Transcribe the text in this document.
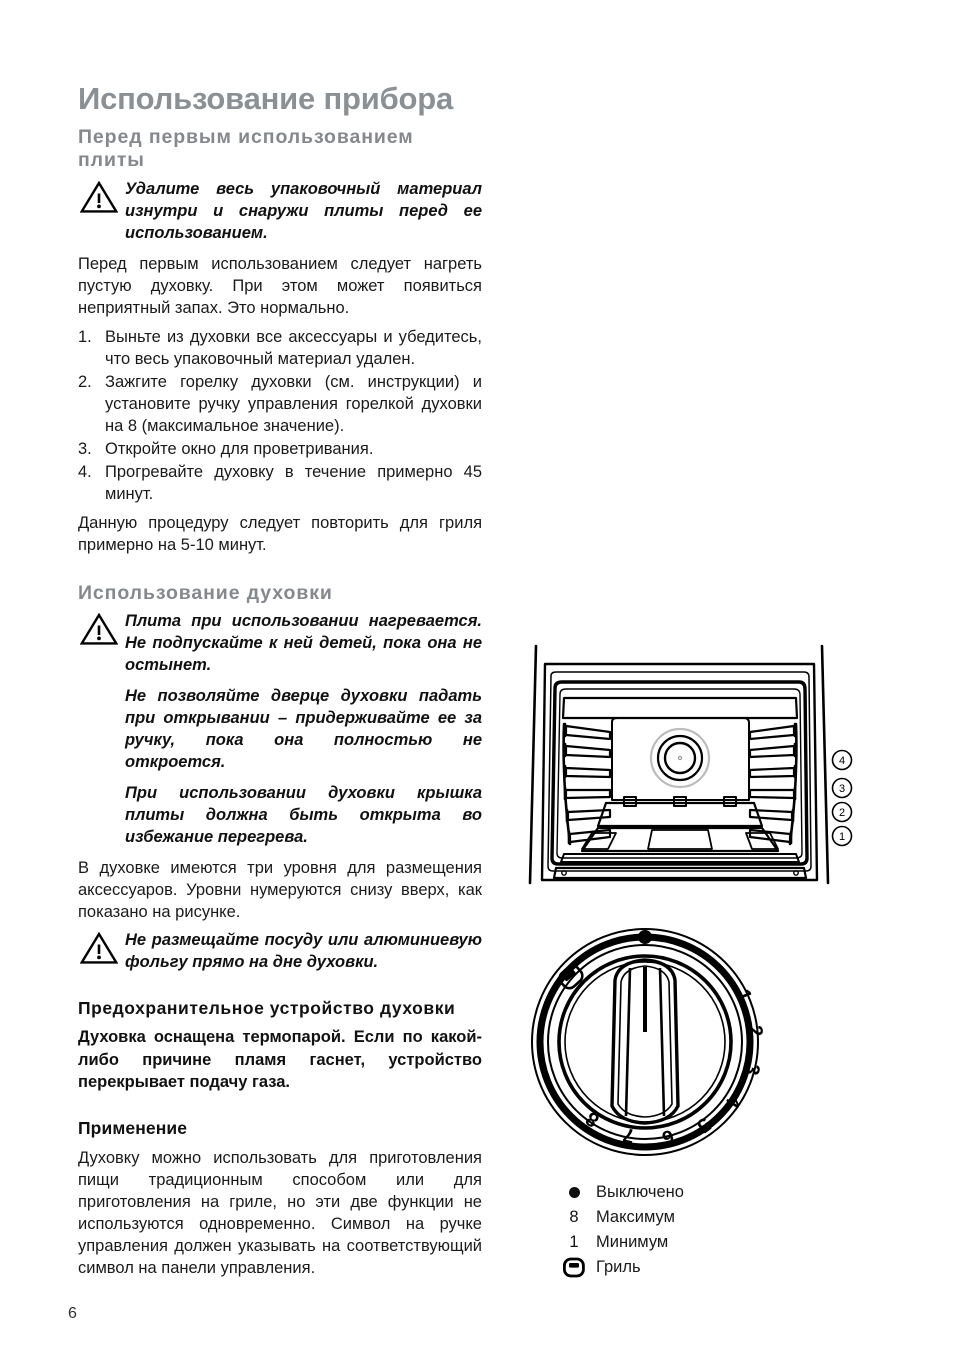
Использование прибора
Перед первым использованием плиты

Удалите весь упаковочный материал изнутри и снаружи плиты перед ее использованием.

Перед первым использованием следует нагреть пустую духовку. При этом может появиться неприятный запах. Это нормально.

1. Выньте из духовки все аксессуары и убедитесь, что весь упаковочный материал удален.
2. Зажгите горелку духовки (см. инструкции) и установите ручку управления горелкой духовки на 8 (максимальное значение).
3. Откройте окно для проветривания.
4. Прогревайте духовку в течение примерно 45 минут.

Данную процедуру следует повторить для гриля примерно на 5-10 минут.

Использование духовки

Плита при использовании нагревается. Не подпускайте к ней детей, пока она не остынет.

Не позволяйте дверце духовки падать при открывании – придерживайте ее за ручку, пока она полностью не откроется.

При использовании духовки крышка плиты должна быть открыта во избежание перегрева.

В духовке имеются три уровня для размещения аксессуаров. Уровни нумеруются снизу вверх, как показано на рисунке.

Не размещайте посуду или алюминиевую фольгу прямо на дне духовки.

Предохранительное устройство духовки

Духовка оснащена термопарой. Если по какой-либо причине пламя гаснет, устройство перекрывает подачу газа.

Применение

Духовку можно использовать для приготовления пищи традиционным способом или для приготовления на гриле, но эти две функции не используются одновременно. Символ на ручке управления должен указывать на соответствующий символ на панели управления.

4
3
2
1
1
2
3
4
5
6
7
8
Выключено
8	Максимум
1	Минимум
Гриль
6
